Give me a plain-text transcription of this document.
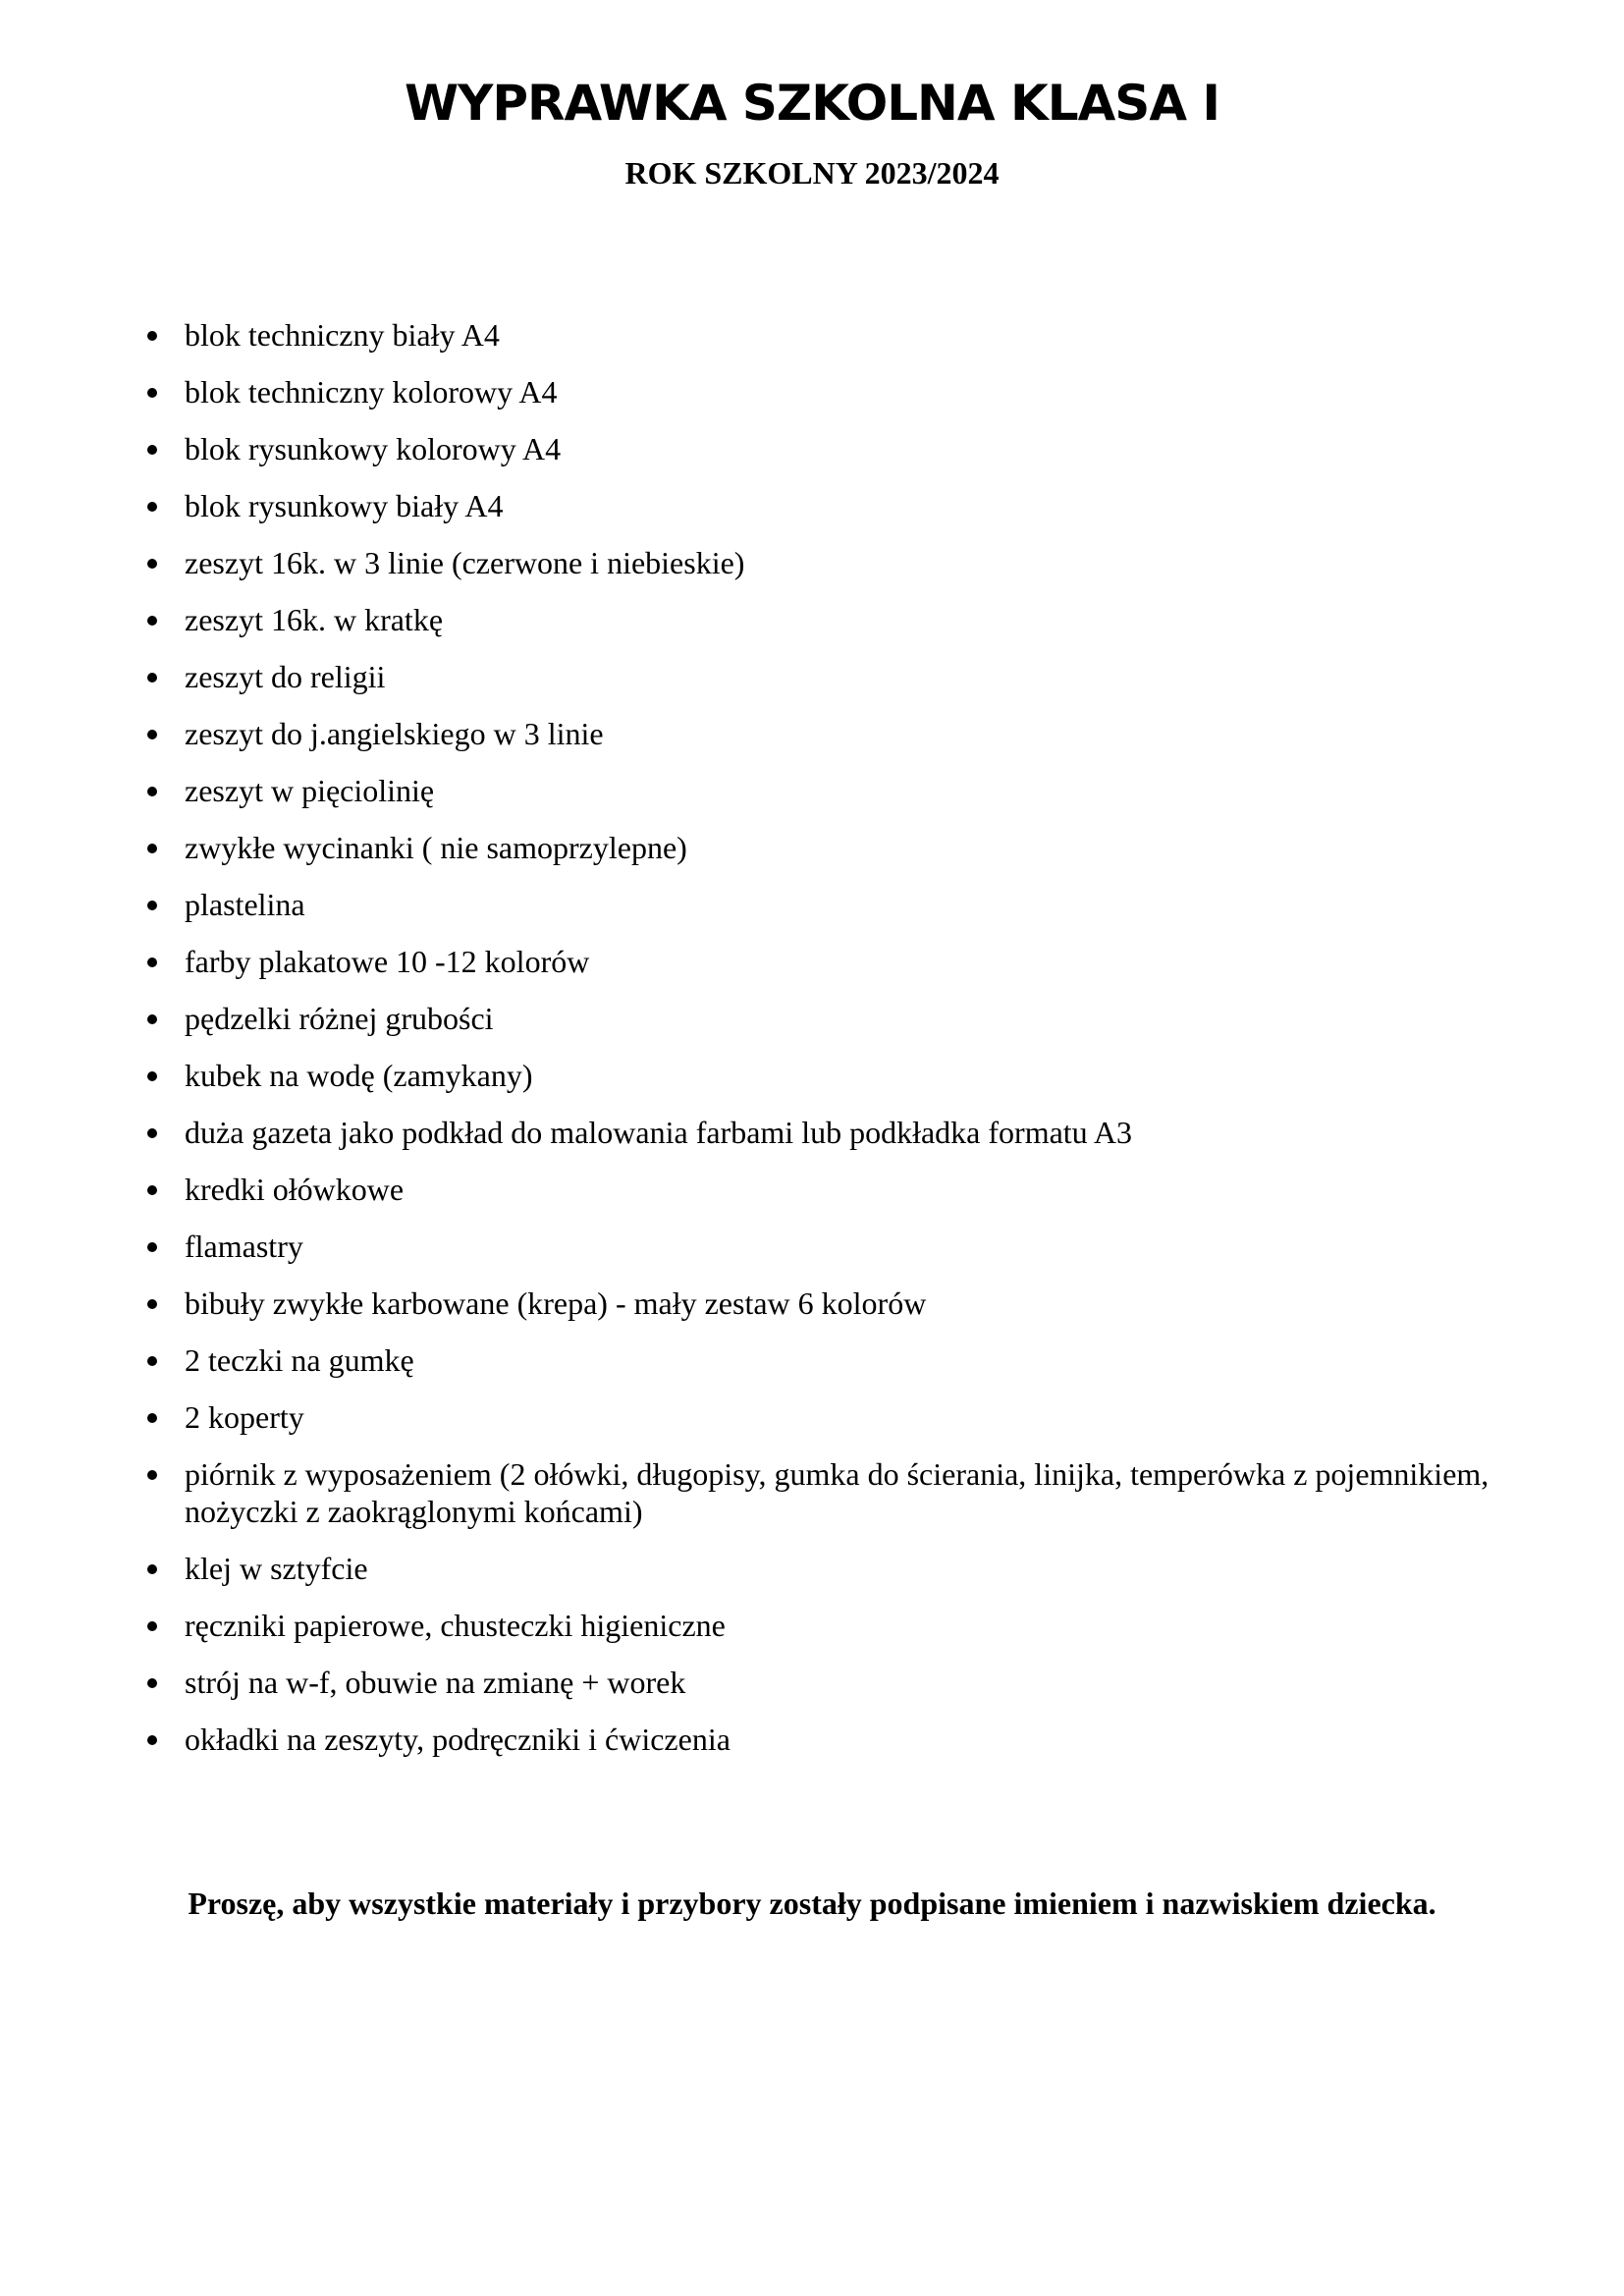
WYPRAWKA SZKOLNA KLASA I
ROK SZKOLNY 2023/2024
blok techniczny biały A4
blok techniczny kolorowy A4
blok rysunkowy kolorowy A4
blok rysunkowy biały A4
zeszyt 16k. w 3 linie (czerwone i niebieskie)
zeszyt 16k. w kratkę
zeszyt do religii
zeszyt do j.angielskiego w 3 linie
zeszyt w pięciolinię
zwykłe wycinanki ( nie samoprzylepne)
plastelina
farby plakatowe 10 -12 kolorów
pędzelki różnej grubości
kubek na wodę (zamykany)
duża gazeta jako podkład do malowania farbami lub podkładka formatu A3
kredki ołówkowe
flamastry
bibuły zwykłe karbowane (krepa) - mały zestaw 6 kolorów
2 teczki na gumkę
2 koperty
piórnik z wyposażeniem (2 ołówki, długopisy, gumka do ścierania, linijka, temperówka z pojemnikiem, nożyczki z zaokrąglonymi końcami)
klej w sztyfcie
ręczniki papierowe, chusteczki higieniczne
strój na w-f, obuwie na zmianę + worek
okładki na zeszyty, podręczniki i ćwiczenia

Proszę, aby wszystkie materiały i przybory zostały podpisane imieniem i nazwiskiem dziecka.
